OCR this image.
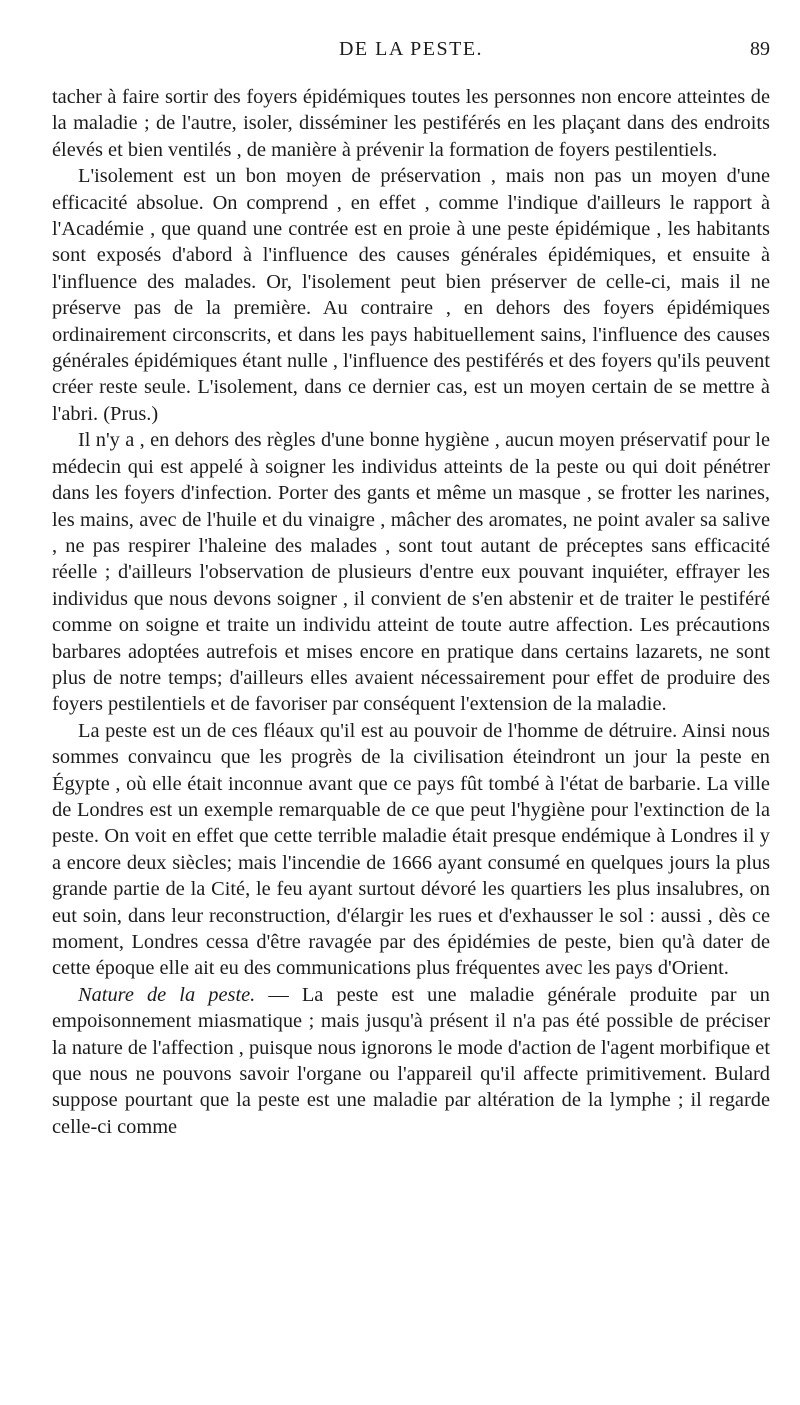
DE LA PESTE.	89

tacher à faire sortir des foyers épidémiques toutes les personnes non encore atteintes de la maladie ; de l'autre, isoler, disséminer les pestiférés en les plaçant dans des endroits élevés et bien ventilés , de manière à prévenir la formation de foyers pestilentiels.

L'isolement est un bon moyen de préservation , mais non pas un moyen d'une efficacité absolue. On comprend , en effet , comme l'indique d'ailleurs le rapport à l'Académie , que quand une contrée est en proie à une peste épidémique , les habitants sont exposés d'abord à l'influence des causes générales épidémiques, et ensuite à l'influence des malades. Or, l'isolement peut bien préserver de celle-ci, mais il ne préserve pas de la première. Au contraire , en dehors des foyers épidémiques ordinairement circonscrits, et dans les pays habituellement sains, l'influence des causes générales épidémiques étant nulle , l'influence des pestiférés et des foyers qu'ils peuvent créer reste seule. L'isolement, dans ce dernier cas, est un moyen certain de se mettre à l'abri. (Prus.)

Il n'y a , en dehors des règles d'une bonne hygiène , aucun moyen préservatif pour le médecin qui est appelé à soigner les individus atteints de la peste ou qui doit pénétrer dans les foyers d'infection. Porter des gants et même un masque , se frotter les narines, les mains, avec de l'huile et du vinaigre , mâcher des aromates, ne point avaler sa salive , ne pas respirer l'haleine des malades , sont tout autant de préceptes sans efficacité réelle ; d'ailleurs l'observation de plusieurs d'entre eux pouvant inquiéter, effrayer les individus que nous devons soigner , il convient de s'en abstenir et de traiter le pestiféré comme on soigne et traite un individu atteint de toute autre affection. Les précautions barbares adoptées autrefois et mises encore en pratique dans certains lazarets, ne sont plus de notre temps; d'ailleurs elles avaient nécessairement pour effet de produire des foyers pestilentiels et de favoriser par conséquent l'extension de la maladie.

La peste est un de ces fléaux qu'il est au pouvoir de l'homme de détruire. Ainsi nous sommes convaincu que les progrès de la civilisation éteindront un jour la peste en Égypte , où elle était inconnue avant que ce pays fût tombé à l'état de barbarie. La ville de Londres est un exemple remarquable de ce que peut l'hygiène pour l'extinction de la peste. On voit en effet que cette terrible maladie était presque endémique à Londres il y a encore deux siècles; mais l'incendie de 1666 ayant consumé en quelques jours la plus grande partie de la Cité, le feu ayant surtout dévoré les quartiers les plus insalubres, on eut soin, dans leur reconstruction, d'élargir les rues et d'exhausser le sol : aussi , dès ce moment, Londres cessa d'être ravagée par des épidémies de peste, bien qu'à dater de cette époque elle ait eu des communications plus fréquentes avec les pays d'Orient.

Nature de la peste. — La peste est une maladie générale produite par un empoisonnement miasmatique ; mais jusqu'à présent il n'a pas été possible de préciser la nature de l'affection , puisque nous ignorons le mode d'action de l'agent morbifique et que nous ne pouvons savoir l'organe ou l'appareil qu'il affecte primitivement. Bulard suppose pourtant que la peste est une maladie par altération de la lymphe ; il regarde celle-ci comme
